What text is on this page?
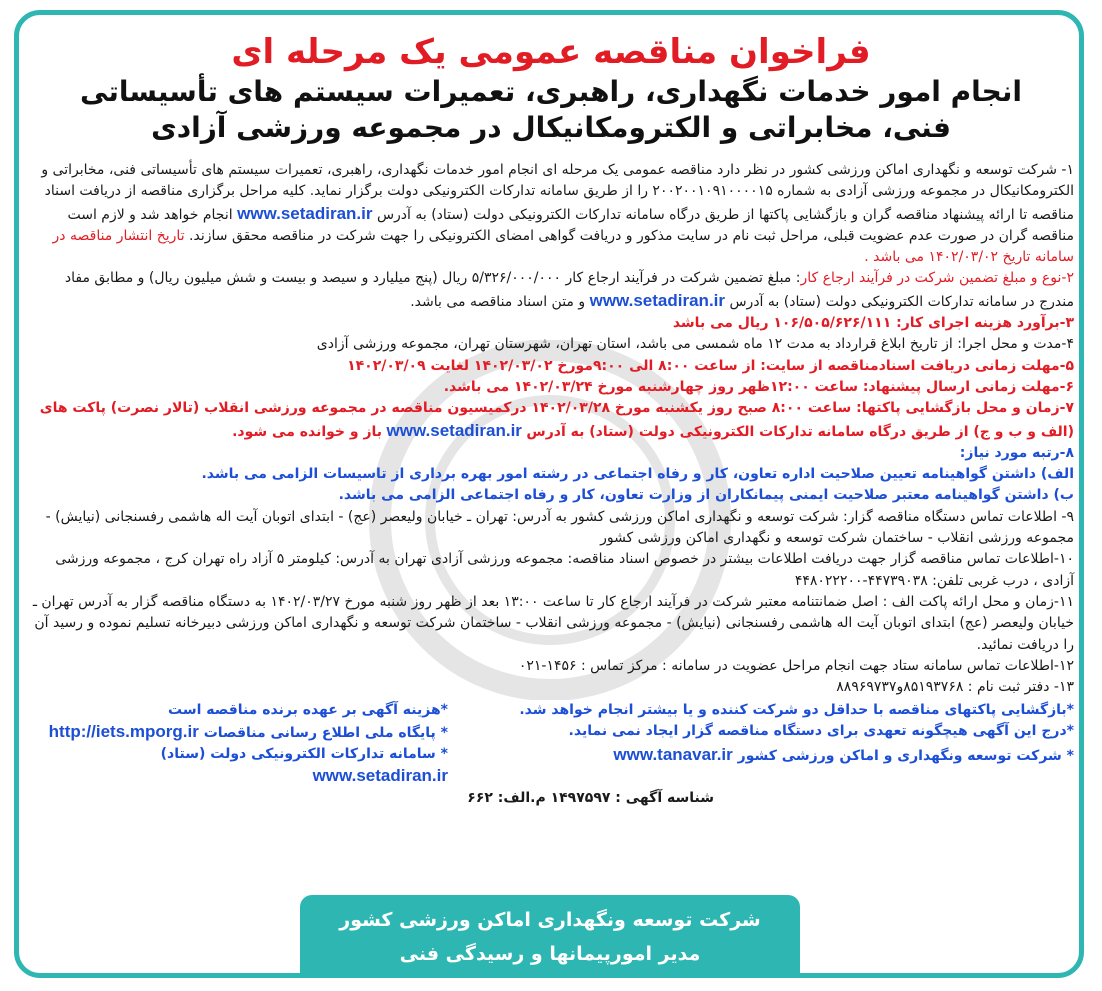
فراخوان مناقصه عمومی یک مرحله ای
انجام امور خدمات نگهداری، راهبری، تعمیرات سیستم های تأسیساتی
فنی، مخابراتی و الکترومکانیکال در مجموعه ورزشی آزادی

۱- شرکت توسعه و نگهداری اماکن ورزشی کشور در نظر دارد مناقصه عمومی یک مرحله ای انجام امور خدمات نگهداری، راهبری، تعمیرات سیستم های تأسیساتی فنی، مخابراتی و الکترومکانیکال در مجموعه ورزشی آزادی به شماره ۲۰۰۲۰۰۱۰۹۱۰۰۰۰۱۵ را از طریق سامانه تدارکات الکترونیکی دولت برگزار نماید. کلیه مراحل برگزاری مناقصه از دریافت اسناد مناقصه تا ارائه پیشنهاد مناقصه گران و بازگشایی پاکتها از طریق درگاه سامانه تدارکات الکترونیکی دولت (ستاد) به آدرس www.setadiran.ir انجام خواهد شد و لازم است مناقصه گران در صورت عدم عضویت قبلی، مراحل ثبت نام در سایت مذکور و دریافت گواهی امضای الکترونیکی را جهت شرکت در مناقصه محقق سازند. تاریخ انتشار مناقصه در سامانه تاریخ ۱۴۰۲/۰۳/۰۲ می باشد .

۲-نوع و مبلغ تضمین شرکت در فرآیند ارجاع کار: مبلغ تضمین شرکت در فرآیند ارجاع کار ۵/۳۲۶/۰۰۰/۰۰۰ ریال (پنج میلیارد و سیصد و بیست و شش میلیون ریال) و مطابق مفاد مندرج در سامانه تدارکات الکترونیکی دولت (ستاد) به آدرس www.setadiran.ir و متن اسناد مناقصه می باشد.

۳-برآورد هزینه اجرای کار: ۱۰۶/۵۰۵/۶۲۶/۱۱۱ ریال می باشد

۴-مدت و محل اجرا: از تاریخ ابلاغ قرارداد به مدت ۱۲ ماه شمسی می باشد، استان تهران، شهرستان تهران، مجموعه ورزشی آزادی

۵-مهلت زمانی دریافت اسنادمناقصه از سایت: از ساعت ۸:۰۰ الی ۹:۰۰مورخ ۱۴۰۲/۰۳/۰۲ لغایت ۱۴۰۲/۰۳/۰۹

۶-مهلت زمانی ارسال پیشنهاد: ساعت ۱۲:۰۰ظهر روز چهارشنبه مورخ ۱۴۰۲/۰۳/۲۴ می باشد.

۷-زمان و محل بازگشایی پاکتها: ساعت ۸:۰۰ صبح روز یکشنبه مورخ ۱۴۰۲/۰۳/۲۸ درکمیسیون مناقصه در مجموعه ورزشی انقلاب (تالار نصرت) پاکت های (الف و ب و ج) از طریق درگاه سامانه تدارکات الکترونیکی دولت (ستاد) به آدرس www.setadiran.ir باز و خوانده می شود.

۸-رتبه مورد نیاز:

الف) داشتن گواهینامه تعیین صلاحیت اداره تعاون، کار و رفاه اجتماعی در رشته امور بهره برداری از تاسیسات الزامی می باشد.

ب) داشتن گواهینامه معتبر صلاحیت ایمنی پیمانکاران از وزارت تعاون، کار و رفاه اجتماعی الزامی می باشد.

۹- اطلاعات تماس دستگاه مناقصه گزار: شرکت توسعه و نگهداری اماکن ورزشی کشور به آدرس: تهران ـ خیابان ولیعصر (عج) - ابتدای اتوبان آیت اله هاشمی رفسنجانی (نیایش) - مجموعه ورزشی انقلاب - ساختمان شرکت توسعه و نگهداری اماکن ورزشی کشور

۱۰-اطلاعات تماس مناقصه گزار جهت دریافت اطلاعات بیشتر در خصوص اسناد مناقصه: مجموعه ورزشی آزادی تهران به آدرس: کیلومتر ۵ آزاد راه تهران کرج ، مجموعه ورزشی آزادی ، درب غربی تلفن: ۴۴۷۳۹۰۳۸-۴۴۸۰۲۲۲۰۰

۱۱-زمان و محل ارائه پاکت الف : اصل ضمانتنامه معتبر شرکت در فرآیند ارجاع کار تا ساعت ۱۳:۰۰ بعد از ظهر روز شنبه مورخ ۱۴۰۲/۰۳/۲۷ به دستگاه مناقصه گزار به آدرس تهران ـ خیابان ولیعصر (عج) ابتدای اتوبان آیت اله هاشمی رفسنجانی (نیایش) - مجموعه ورزشی انقلاب - ساختمان شرکت توسعه و نگهداری اماکن ورزشی دبیرخانه تسلیم نموده و رسید آن را دریافت نمائید.

۱۲-اطلاعات تماس سامانه ستاد جهت انجام مراحل عضویت در سامانه : مرکز تماس : ۱۴۵۶-۰۲۱

۱۳- دفتر ثبت نام : ۸۵۱۹۳۷۶۸و۸۸۹۶۹۷۳۷

*بازگشایی پاکتهای مناقصه با حداقل دو شرکت کننده و یا بیشتر انجام خواهد شد.
*هزینه آگهی بر عهده برنده مناقصه است
*درج این آگهی هیچگونه تعهدی برای دستگاه مناقصه گزار ایجاد نمی نماید.
* پایگاه ملی اطلاع رسانی مناقصات http://iets.mporg.ir
* شرکت توسعه ونگهداری و اماکن ورزشی کشور www.tanavar.ir
* سامانه تدارکات الکترونیکی دولت (ستاد) www.setadiran.ir
شناسه آگهی : ۱۴۹۷۵۹۷ م.الف: ۶۶۲
شرکت توسعه ونگهداری اماکن ورزشی کشور
مدیر امورپیمانها و رسیدگی فنی
